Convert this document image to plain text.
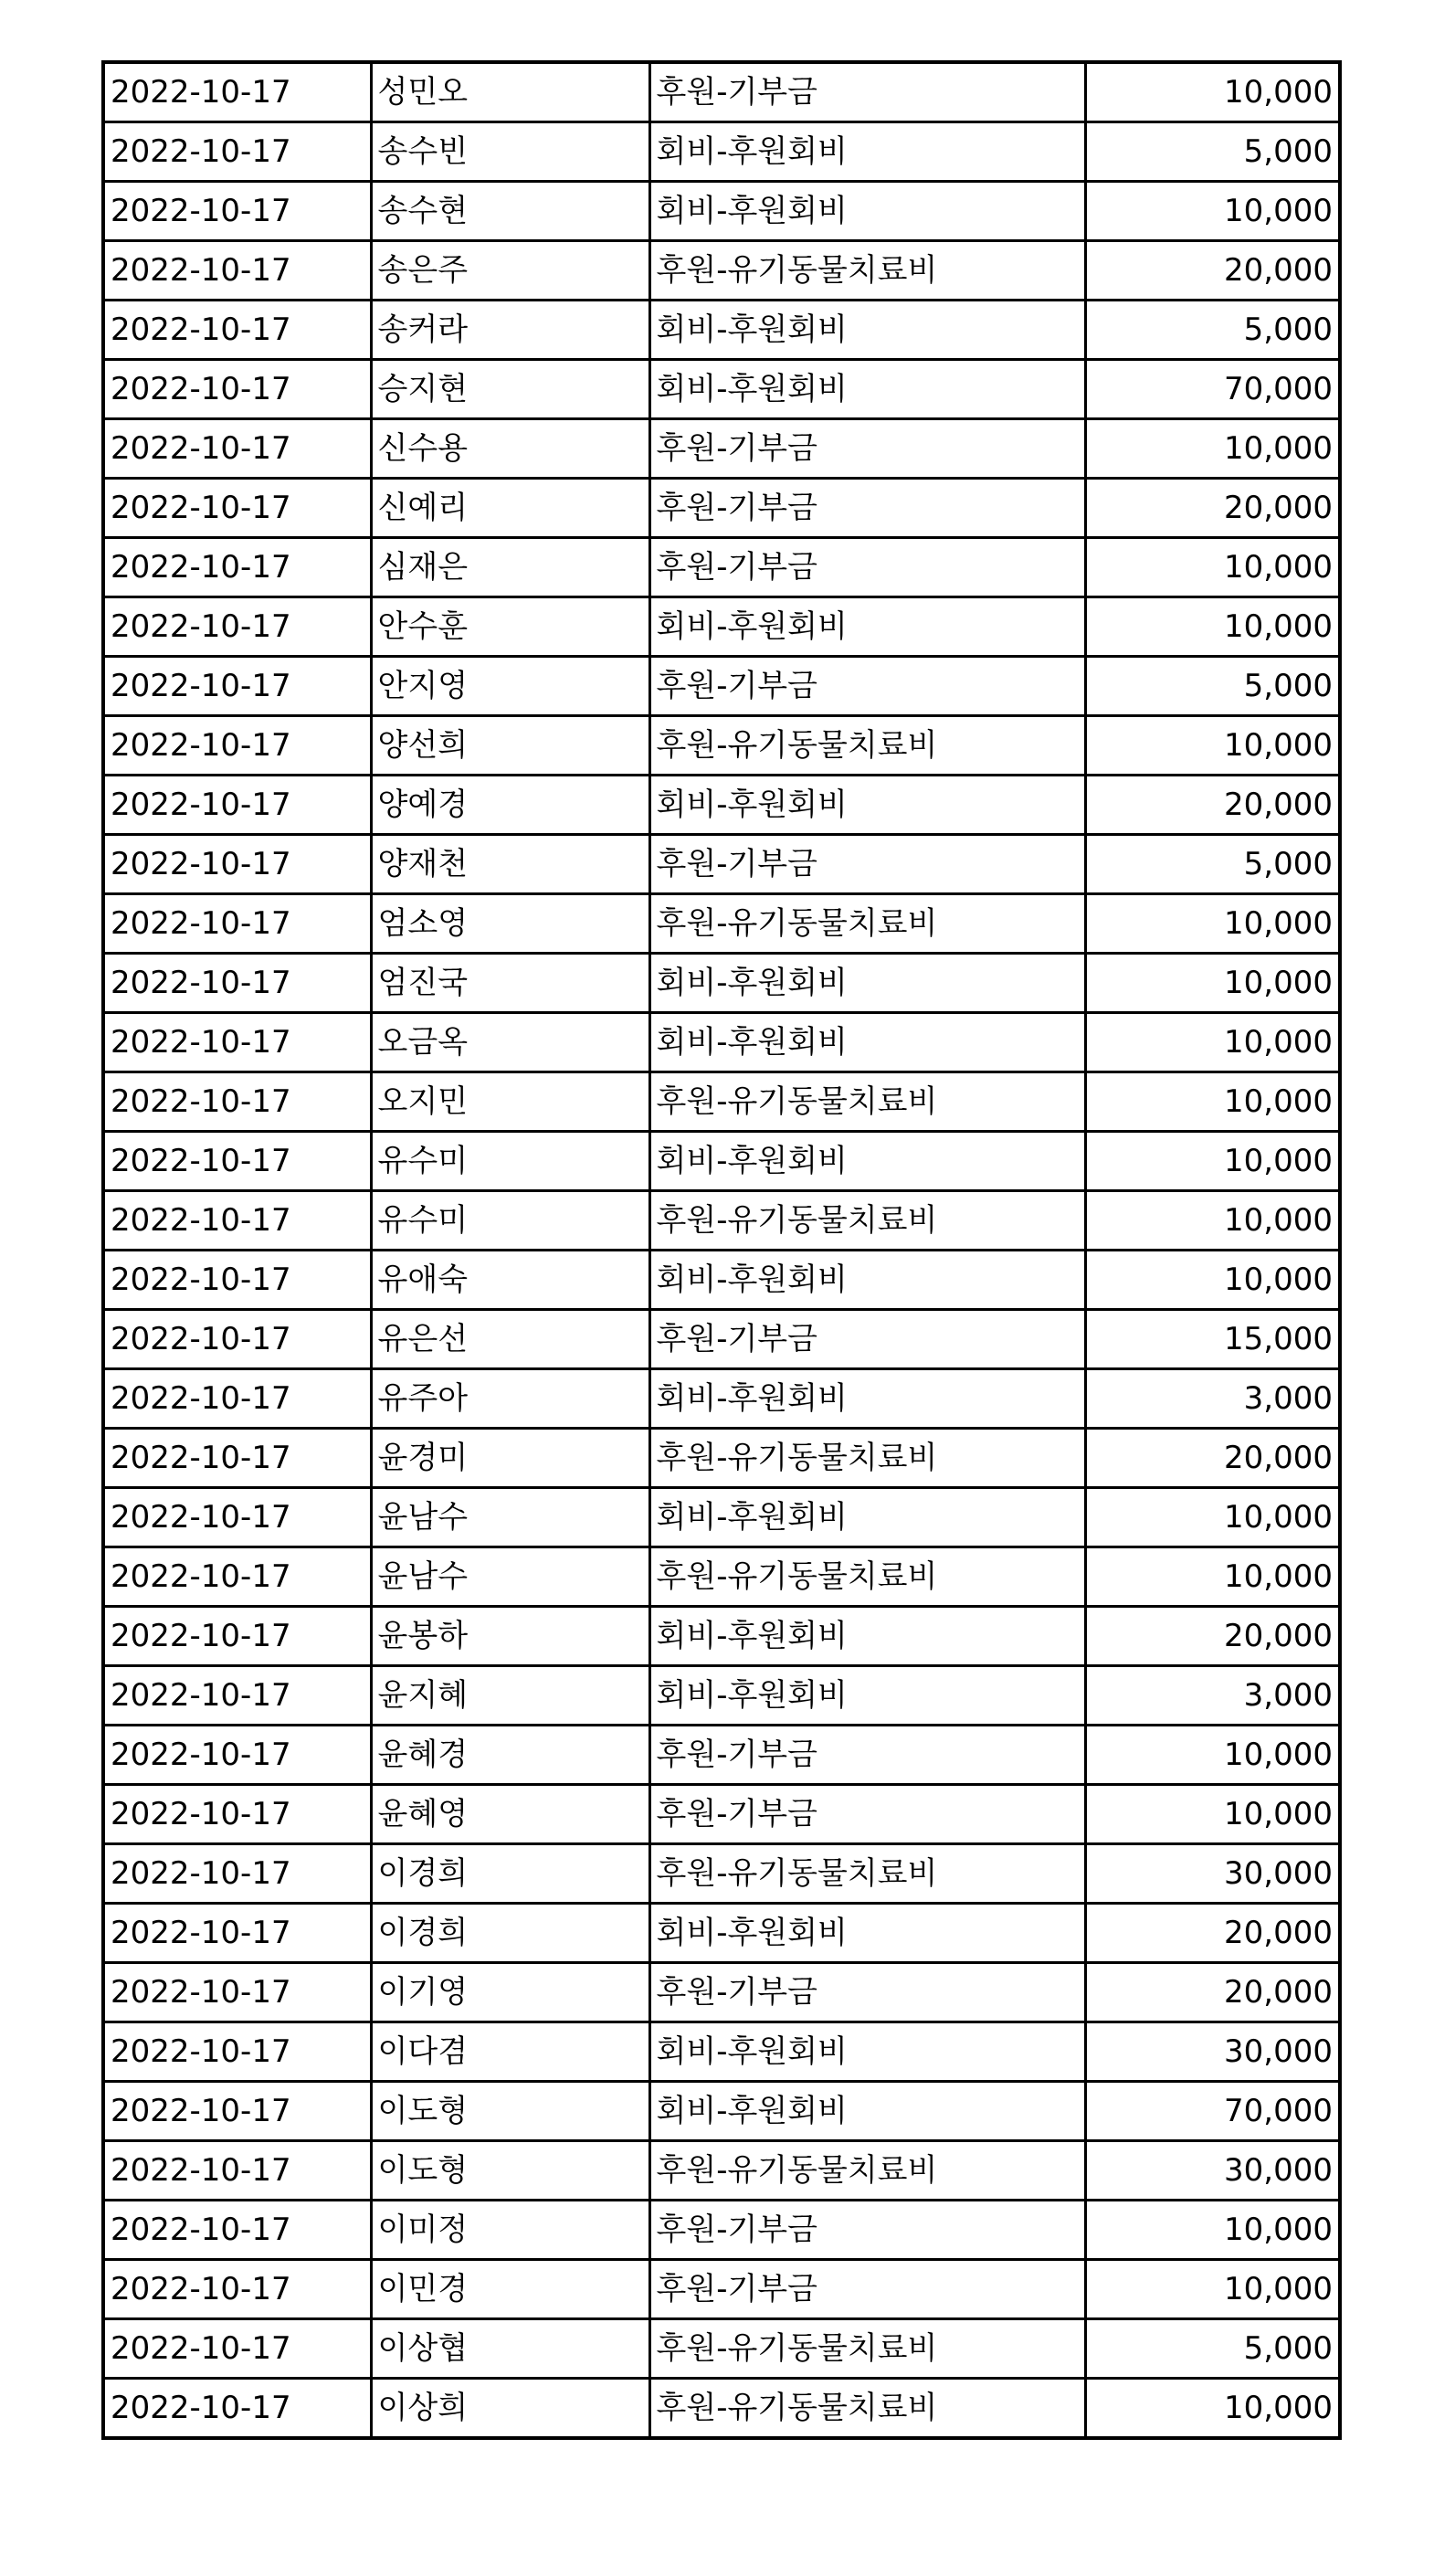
2022-10-17	성민오	후원-기부금	10,000
2022-10-17	송수빈	회비-후원회비	5,000
2022-10-17	송수현	회비-후원회비	10,000
2022-10-17	송은주	후원-유기동물치료비	20,000
2022-10-17	송커라	회비-후원회비	5,000
2022-10-17	승지현	회비-후원회비	70,000
2022-10-17	신수용	후원-기부금	10,000
2022-10-17	신예리	후원-기부금	20,000
2022-10-17	심재은	후원-기부금	10,000
2022-10-17	안수훈	회비-후원회비	10,000
2022-10-17	안지영	후원-기부금	5,000
2022-10-17	양선희	후원-유기동물치료비	10,000
2022-10-17	양예경	회비-후원회비	20,000
2022-10-17	양재천	후원-기부금	5,000
2022-10-17	엄소영	후원-유기동물치료비	10,000
2022-10-17	엄진국	회비-후원회비	10,000
2022-10-17	오금옥	회비-후원회비	10,000
2022-10-17	오지민	후원-유기동물치료비	10,000
2022-10-17	유수미	회비-후원회비	10,000
2022-10-17	유수미	후원-유기동물치료비	10,000
2022-10-17	유애숙	회비-후원회비	10,000
2022-10-17	유은선	후원-기부금	15,000
2022-10-17	유주아	회비-후원회비	3,000
2022-10-17	윤경미	후원-유기동물치료비	20,000
2022-10-17	윤남수	회비-후원회비	10,000
2022-10-17	윤남수	후원-유기동물치료비	10,000
2022-10-17	윤봉하	회비-후원회비	20,000
2022-10-17	윤지혜	회비-후원회비	3,000
2022-10-17	윤혜경	후원-기부금	10,000
2022-10-17	윤혜영	후원-기부금	10,000
2022-10-17	이경희	후원-유기동물치료비	30,000
2022-10-17	이경희	회비-후원회비	20,000
2022-10-17	이기영	후원-기부금	20,000
2022-10-17	이다겸	회비-후원회비	30,000
2022-10-17	이도형	회비-후원회비	70,000
2022-10-17	이도형	후원-유기동물치료비	30,000
2022-10-17	이미정	후원-기부금	10,000
2022-10-17	이민경	후원-기부금	10,000
2022-10-17	이상협	후원-유기동물치료비	5,000
2022-10-17	이상희	후원-유기동물치료비	10,000
